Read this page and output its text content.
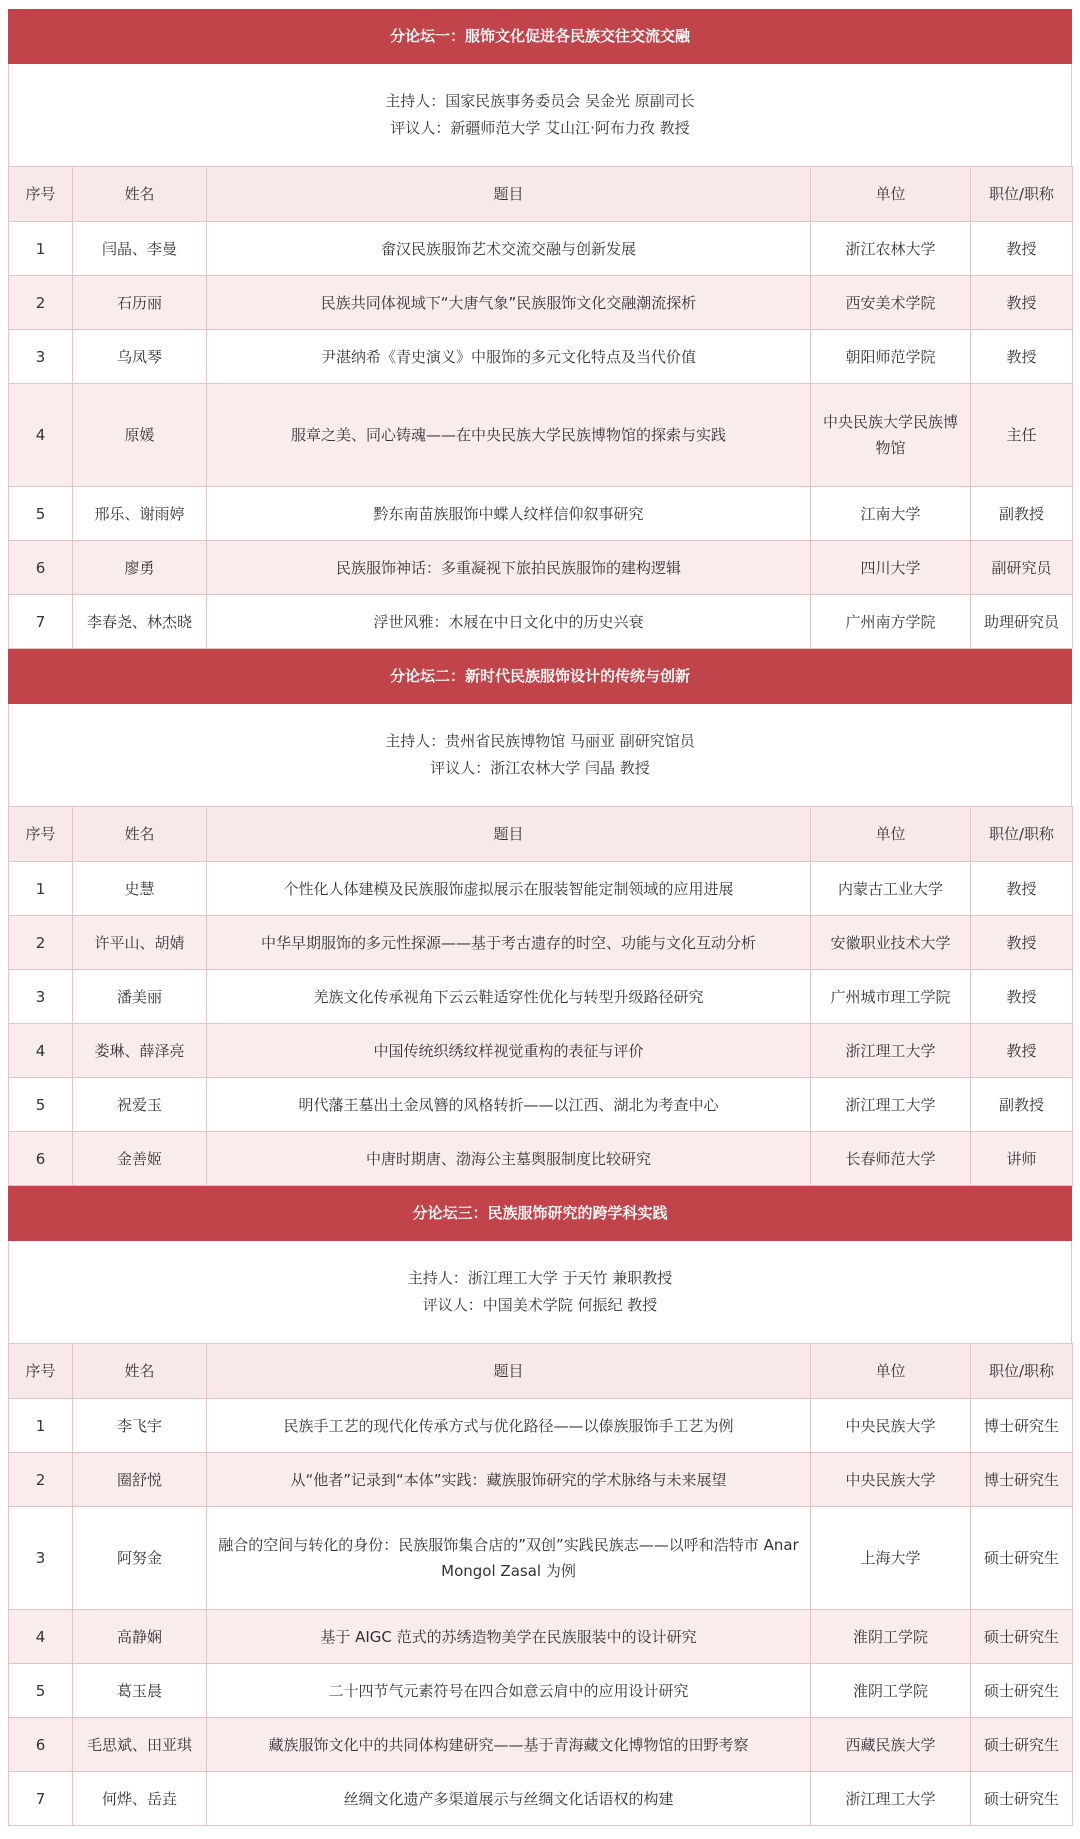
分论坛一：服饰文化促进各民族交往交流交融
主持人：国家民族事务委员会 吴金光 原副司长
评议人：新疆师范大学 艾山江·阿布力孜 教授
序号	姓名	题目	单位	职位/职称
1	闫晶、李曼	畲汉民族服饰艺术交流交融与创新发展	浙江农林大学	教授
2	石历丽	民族共同体视域下“大唐气象”民族服饰文化交融潮流探析	西安美术学院	教授
3	乌凤琴	尹湛纳希《青史演义》中服饰的多元文化特点及当代价值	朝阳师范学院	教授
4	原媛	服章之美、同心铸魂——在中央民族大学民族博物馆的探索与实践	中央民族大学民族博物馆	主任
5	邢乐、谢雨婷	黔东南苗族服饰中蝶人纹样信仰叙事研究	江南大学	副教授
6	廖勇	民族服饰神话：多重凝视下旅拍民族服饰的建构逻辑	四川大学	副研究员
7	李春尧、林杰晓	浮世风雅：木屐在中日文化中的历史兴衰	广州南方学院	助理研究员
分论坛二：新时代民族服饰设计的传统与创新
主持人：贵州省民族博物馆 马丽亚 副研究馆员
评议人：浙江农林大学 闫晶 教授
序号	姓名	题目	单位	职位/职称
1	史慧	个性化人体建模及民族服饰虚拟展示在服装智能定制领域的应用进展	内蒙古工业大学	教授
2	许平山、胡婧	中华早期服饰的多元性探源——基于考古遗存的时空、功能与文化互动分析	安徽职业技术大学	教授
3	潘美丽	羌族文化传承视角下云云鞋适穿性优化与转型升级路径研究	广州城市理工学院	教授
4	娄琳、薛泽亮	中国传统织绣纹样视觉重构的表征与评价	浙江理工大学	教授
5	祝爱玉	明代藩王墓出土金凤簪的风格转折——以江西、湖北为考查中心	浙江理工大学	副教授
6	金善姬	中唐时期唐、渤海公主墓舆服制度比较研究	长春师范大学	讲师
分论坛三：民族服饰研究的跨学科实践
主持人：浙江理工大学 于天竹 兼职教授
评议人：中国美术学院 何振纪 教授
序号	姓名	题目	单位	职位/职称
1	李飞宇	民族手工艺的现代化传承方式与优化路径——以傣族服饰手工艺为例	中央民族大学	博士研究生
2	圈舒悦	从“他者”记录到“本体”实践：藏族服饰研究的学术脉络与未来展望	中央民族大学	博士研究生
3	阿努金	融合的空间与转化的身份：民族服饰集合店的”双创”实践民族志——以呼和浩特市 Anar Mongol Zasal 为例	上海大学	硕士研究生
4	高静娴	基于 AIGC 范式的苏绣造物美学在民族服装中的设计研究	淮阴工学院	硕士研究生
5	葛玉晨	二十四节气元素符号在四合如意云肩中的应用设计研究	淮阴工学院	硕士研究生
6	毛思斌、田亚琪	藏族服饰文化中的共同体构建研究——基于青海藏文化博物馆的田野考察	西藏民族大学	硕士研究生
7	何烨、岳垚	丝绸文化遗产多渠道展示与丝绸文化话语权的构建	浙江理工大学	硕士研究生
